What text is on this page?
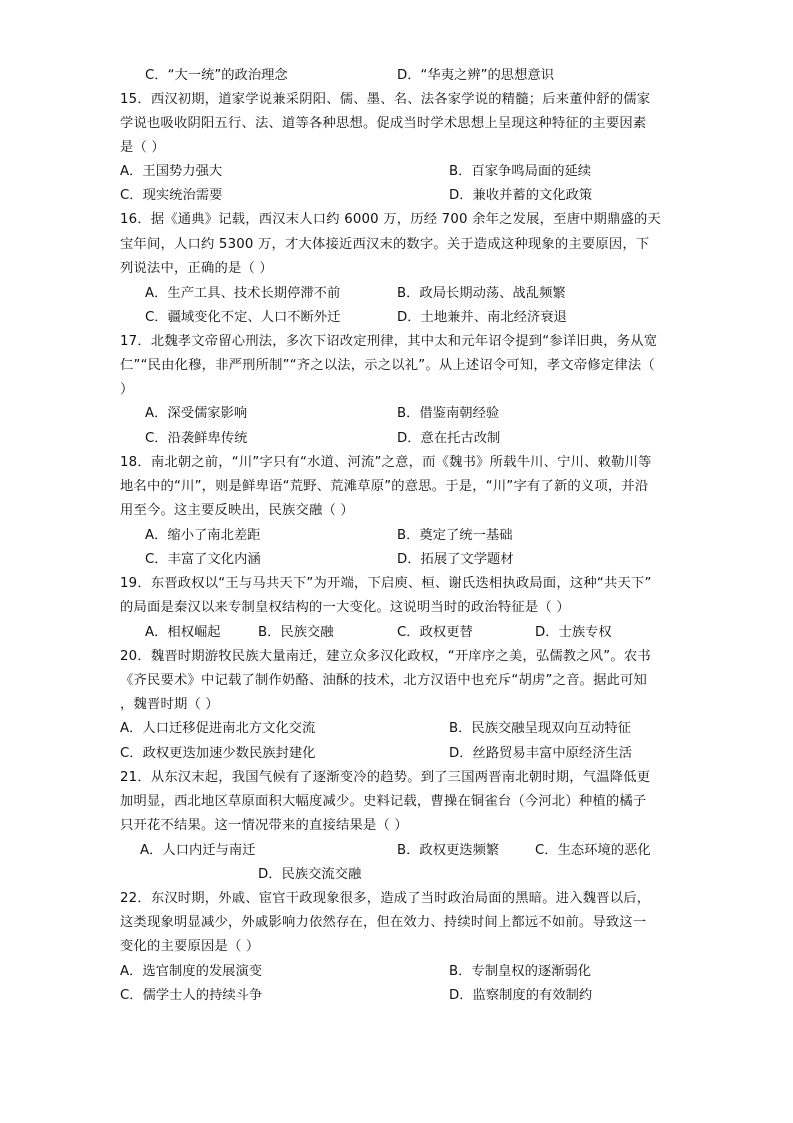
C．“大一统”的政治理念	D．“华夷之辨”的思想意识
15．西汉初期，道家学说兼采阴阳、儒、墨、名、法各家学说的精髓；后来董仲舒的儒家
学说也吸收阴阳五行、法、道等各种思想。促成当时学术思想上呈现这种特征的主要因素
是（ ）
A．王国势力强大	B．百家争鸣局面的延续
C．现实统治需要	D．兼收并蓄的文化政策
16．据《通典》记载，西汉末人口约 6000 万，历经 700 余年之发展，至唐中期鼎盛的天
宝年间，人口约 5300 万，才大体接近西汉末的数字。关于造成这种现象的主要原因，下
列说法中，正确的是（ ）
A．生产工具、技术长期停滞不前	B．政局长期动荡、战乱频繁
C．疆域变化不定、人口不断外迁	D．土地兼并、南北经济衰退
17．北魏孝文帝留心刑法，多次下诏改定刑律，其中太和元年诏令提到“参详旧典，务从宽
仁”“民由化穆，非严刑所制”“齐之以法，示之以礼”。从上述诏令可知，孝文帝修定律法（
）
A．深受儒家影响	B．借鉴南朝经验
C．沿袭鲜卑传统	D．意在托古改制
18．南北朝之前，“川”字只有“水道、河流”之意，而《魏书》所载牛川、宁川、敕勒川等
地名中的“川”，则是鲜卑语“荒野、荒滩草原”的意思。于是，“川”字有了新的义项，并沿
用至今。这主要反映出，民族交融（ ）
A．缩小了南北差距	B．奠定了统一基础
C．丰富了文化内涵	D．拓展了文学题材
19．东晋政权以“王与马共天下”为开端，下启庾、桓、谢氏迭相执政局面，这种“共天下”
的局面是秦汉以来专制皇权结构的一大变化。这说明当时的政治特征是（ ）
A．相权崛起	B．民族交融	C．政权更替	D．士族专权
20．魏晋时期游牧民族大量南迁，建立众多汉化政权，“开庠序之美，弘儒教之风”。农书
《齐民要术》中记载了制作奶酪、油酥的技术，北方汉语中也充斥“胡虏”之音。据此可知
，魏晋时期（ ）
A．人口迁移促进南北方文化交流	B．民族交融呈现双向互动特征
C．政权更迭加速少数民族封建化	D．丝路贸易丰富中原经济生活
21．从东汉末起，我国气候有了逐渐变冷的趋势。到了三国两晋南北朝时期，气温降低更
加明显，西北地区草原面积大幅度减少。史料记载，曹操在铜雀台（今河北）种植的橘子
只开花不结果。这一情况带来的直接结果是（ ）
A．人口内迁与南迁	B．政权更迭频繁	C．生态环境的恶化
D．民族交流交融
22．东汉时期，外戚、宦官干政现象很多，造成了当时政治局面的黑暗。进入魏晋以后，
这类现象明显减少，外戚影响力依然存在，但在效力、持续时间上都远不如前。导致这一
变化的主要原因是（ ）
A．选官制度的发展演变	B．专制皇权的逐渐弱化
C．儒学士人的持续斗争	D．监察制度的有效制约
